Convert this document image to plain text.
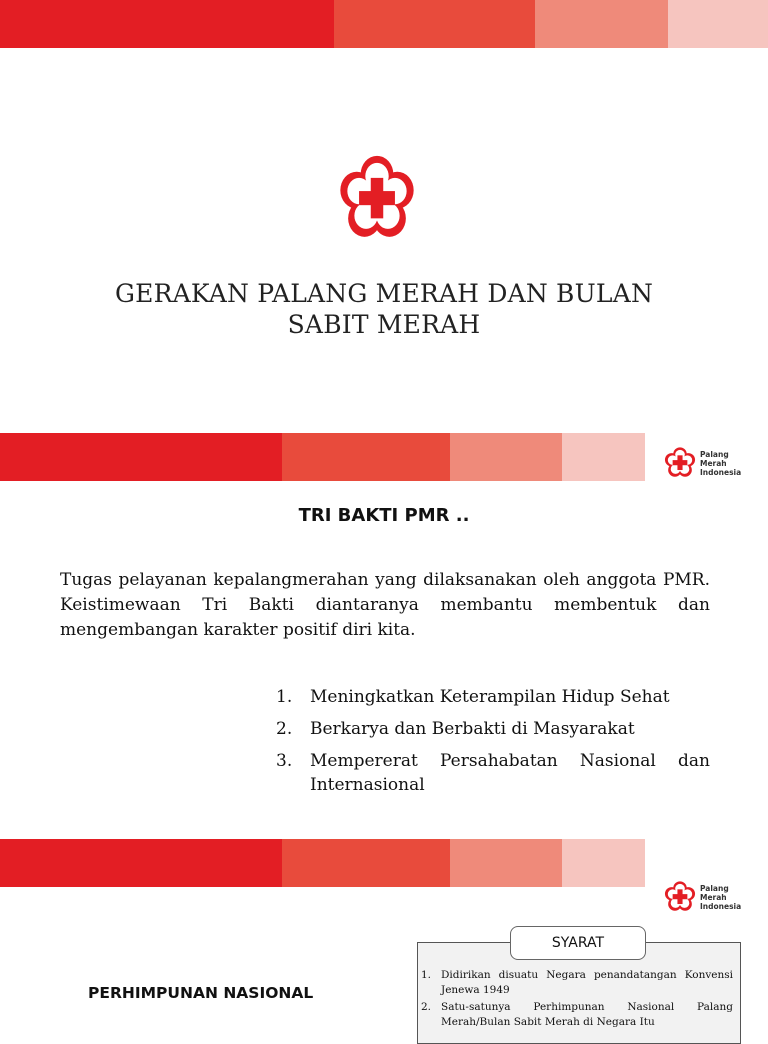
GERAKAN PALANG MERAH DAN BULAN
SABIT MERAH
Palang
Merah
Indonesia
TRI BAKTI PMR ..

Tugas pelayanan kepalangmerahan yang dilaksanakan oleh anggota PMR. Keistimewaan Tri Bakti diantaranya membantu membentuk dan mengembangan karakter positif diri kita.

1.	Meningkatkan Keterampilan Hidup Sehat
2.	Berkarya dan Berbakti di Masyarakat
3.	Mempererat Persahabatan Nasional dan Internasional
Palang
Merah
Indonesia
PERHIMPUNAN NASIONAL
SYARAT
1. Didirikan disuatu Negara penandatangan Konvensi Jenewa 1949
2. Satu-satunya Perhimpunan Nasional Palang Merah/Bulan Sabit Merah di Negara Itu
